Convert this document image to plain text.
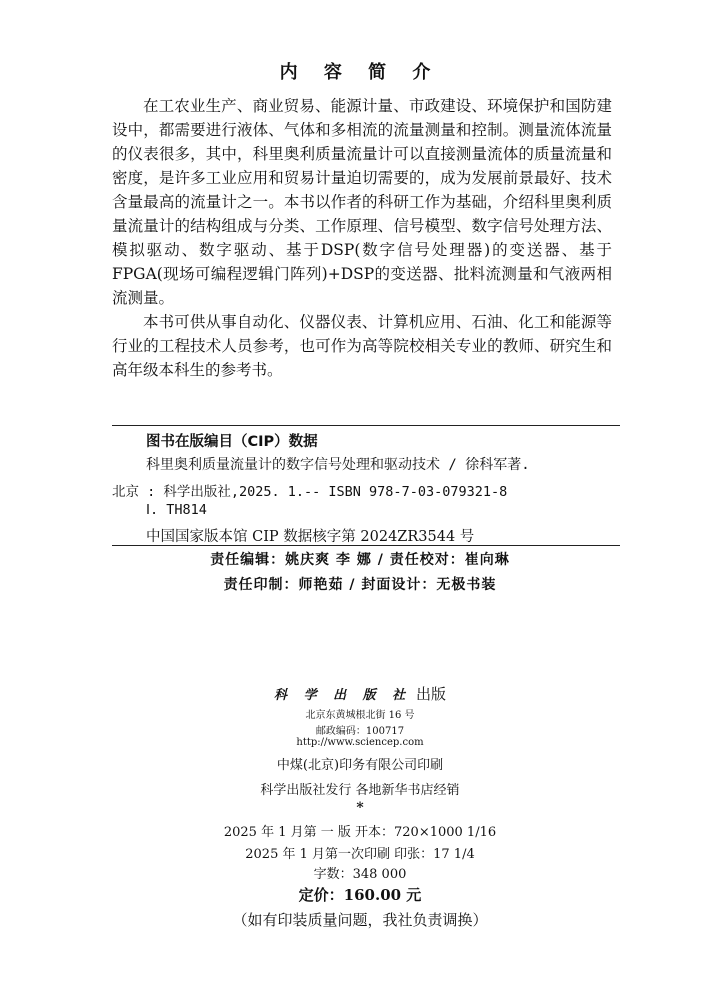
内 容 简 介

在工农业生产、商业贸易、能源计量、市政建设、环境保护和国防建设中，都需要进行液体、气体和多相流的流量测量和控制。测量流体流量的仪表很多，其中，科里奥利质量流量计可以直接测量流体的质量流量和密度，是许多工业应用和贸易计量迫切需要的，成为发展前景最好、技术含量最高的流量计之一。本书以作者的科研工作为基础，介绍科里奥利质量流量计的结构组成与分类、工作原理、信号模型、数字信号处理方法、模拟驱动、数字驱动、基于DSP(数字信号处理器)的变送器、基于FPGA(现场可编程逻辑门阵列)+DSP的变送器、批料流测量和气液两相流测量。

本书可供从事自动化、仪器仪表、计算机应用、石油、化工和能源等行业的工程技术人员参考，也可作为高等院校相关专业的教师、研究生和高年级本科生的参考书。

图书在版编目（CIP）数据
科里奥利质量流量计的数字信号处理和驱动技术 / 徐科军著.
北京 : 科学出版社,2025. 1.-- ISBN 978-7-03-079321-8
Ⅰ. TH814
中国国家版本馆 CIP 数据核字第 2024ZR3544 号
责任编辑：姚庆爽 李 娜 / 责任校对：崔向琳
责任印制：师艳茹 / 封面设计：无极书装
科 学 出 版 社 出版
北京东黄城根北街 16 号
邮政编码：100717
http://www.sciencep.com
中煤(北京)印务有限公司印刷
科学出版社发行 各地新华书店经销
*
2025 年 1 月第 一 版 开本：720×1000 1/16
2025 年 1 月第一次印刷 印张：17 1/4
字数：348 000
定价：160.00 元
（如有印装质量问题，我社负责调换）
